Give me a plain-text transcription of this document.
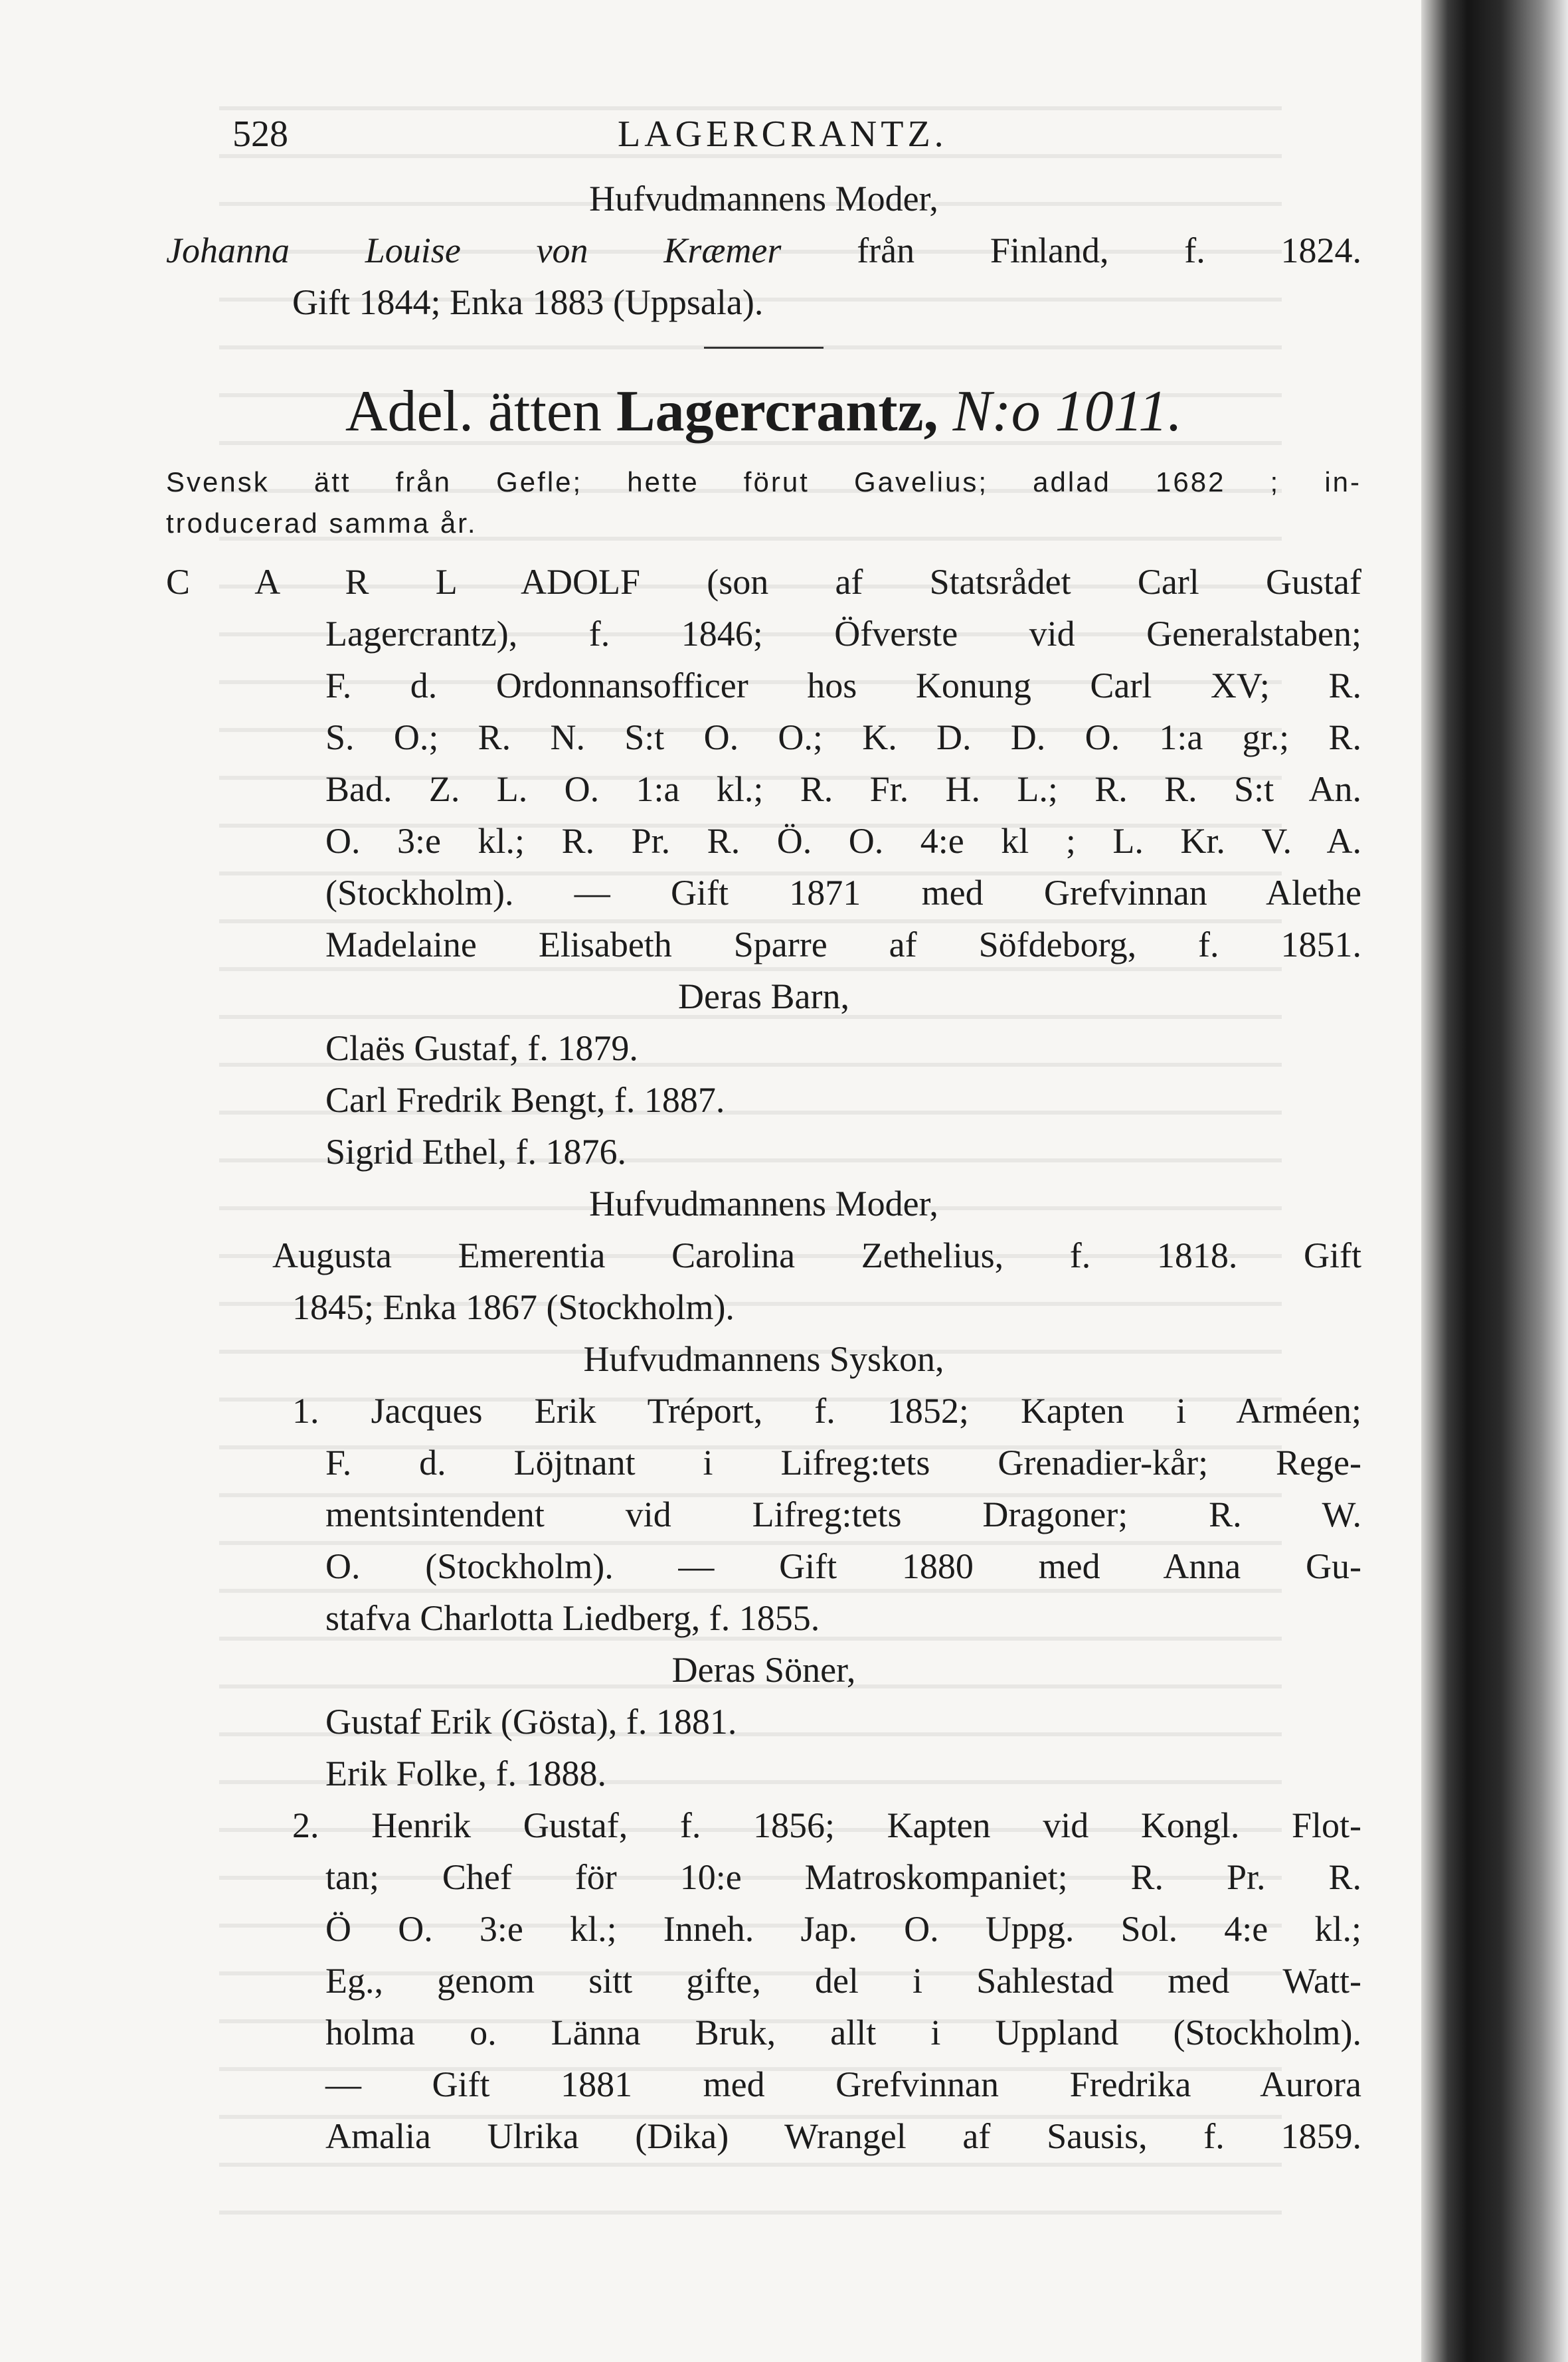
528	LAGERCRANTZ.
Hufvudmannens Moder,
Johanna Louise von Kræmer från Finland, f. 1824.
Gift 1844; Enka 1883 (Uppsala).
Adel. ätten Lagercrantz, N:o 1011.
Svensk ätt från Gefle; hette förut Gavelius; adlad 1682 ; in-
troducerad samma år.
C A R L ADOLF (son af Statsrådet Carl Gustaf
Lagercrantz), f. 1846; Öfverste vid Generalstaben;
F. d. Ordonnansofficer hos Konung Carl XV; R.
S. O.; R. N. S:t O. O.; K. D. D. O. 1:a gr.; R.
Bad. Z. L. O. 1:a kl.; R. Fr. H. L.; R. R. S:t An.
O. 3:e kl.; R. Pr. R. Ö. O. 4:e kl ; L. Kr. V. A.
(Stockholm). — Gift 1871 med Grefvinnan Alethe
Madelaine Elisabeth Sparre af Söfdeborg, f. 1851.
Deras Barn,
Claës Gustaf, f. 1879.
Carl Fredrik Bengt, f. 1887.
Sigrid Ethel, f. 1876.
Hufvudmannens Moder,
Augusta Emerentia Carolina Zethelius, f. 1818. Gift
1845; Enka 1867 (Stockholm).
Hufvudmannens Syskon,
1. Jacques Erik Tréport, f. 1852; Kapten i Arméen;
F. d. Löjtnant i Lifreg:tets Grenadier-kår; Rege-
mentsintendent vid Lifreg:tets Dragoner; R. W.
O. (Stockholm). — Gift 1880 med Anna Gu-
stafva Charlotta Liedberg, f. 1855.
Deras Söner,
Gustaf Erik (Gösta), f. 1881.
Erik Folke, f. 1888.
2. Henrik Gustaf, f. 1856; Kapten vid Kongl. Flot-
tan; Chef för 10:e Matroskompaniet; R. Pr. R.
Ö O. 3:e kl.; Inneh. Jap. O. Uppg. Sol. 4:e kl.;
Eg., genom sitt gifte, del i Sahlestad med Watt-
holma o. Länna Bruk, allt i Uppland (Stockholm).
— Gift 1881 med Grefvinnan Fredrika Aurora
Amalia Ulrika (Dika) Wrangel af Sausis, f. 1859.
